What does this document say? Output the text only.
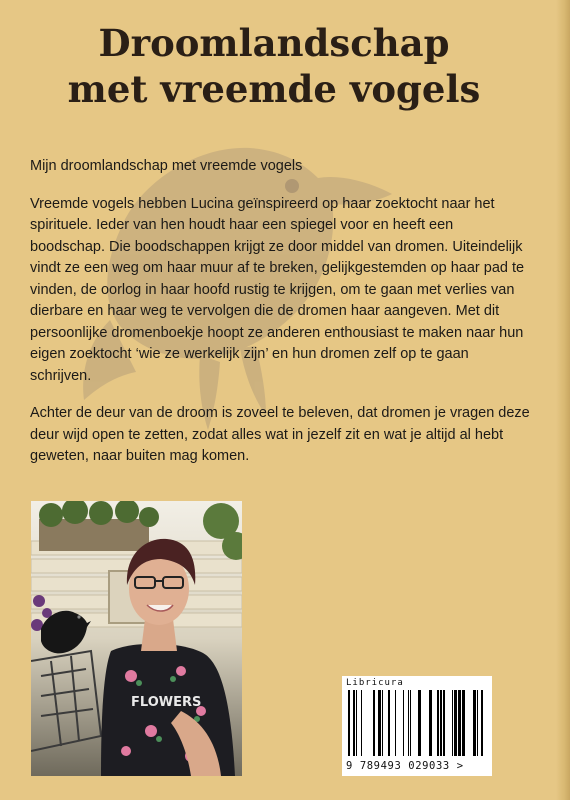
Droomlandschap
met vreemde vogels

Mijn droomlandschap met vreemde vogels

Vreemde vogels hebben Lucina geïnspireerd op haar zoektocht naar het spirituele. Ieder van hen houdt haar een spiegel voor en heeft een boodschap. Die boodschappen krijgt ze door middel van dromen. Uiteindelijk vindt ze een weg om haar muur af te breken, gelijkgestemden op haar pad te vinden, de oorlog in haar hoofd rustig te krijgen, om te gaan met verlies van dierbare en haar weg te vervolgen die de dromen haar aangeven. Met dit persoonlijke dromenboekje hoopt ze anderen enthousiast te maken naar hun eigen zoektocht ‘wie ze werkelijk zijn’ en hun dromen zelf op te gaan schrijven.

Achter de deur van de droom is zoveel te beleven, dat dromen je vragen deze deur wijd open te zetten, zodat alles wat in jezelf zit en wat je altijd al hebt geweten, naar buiten mag komen.

FLOWERS
Libricura
9 789493 029033 >
